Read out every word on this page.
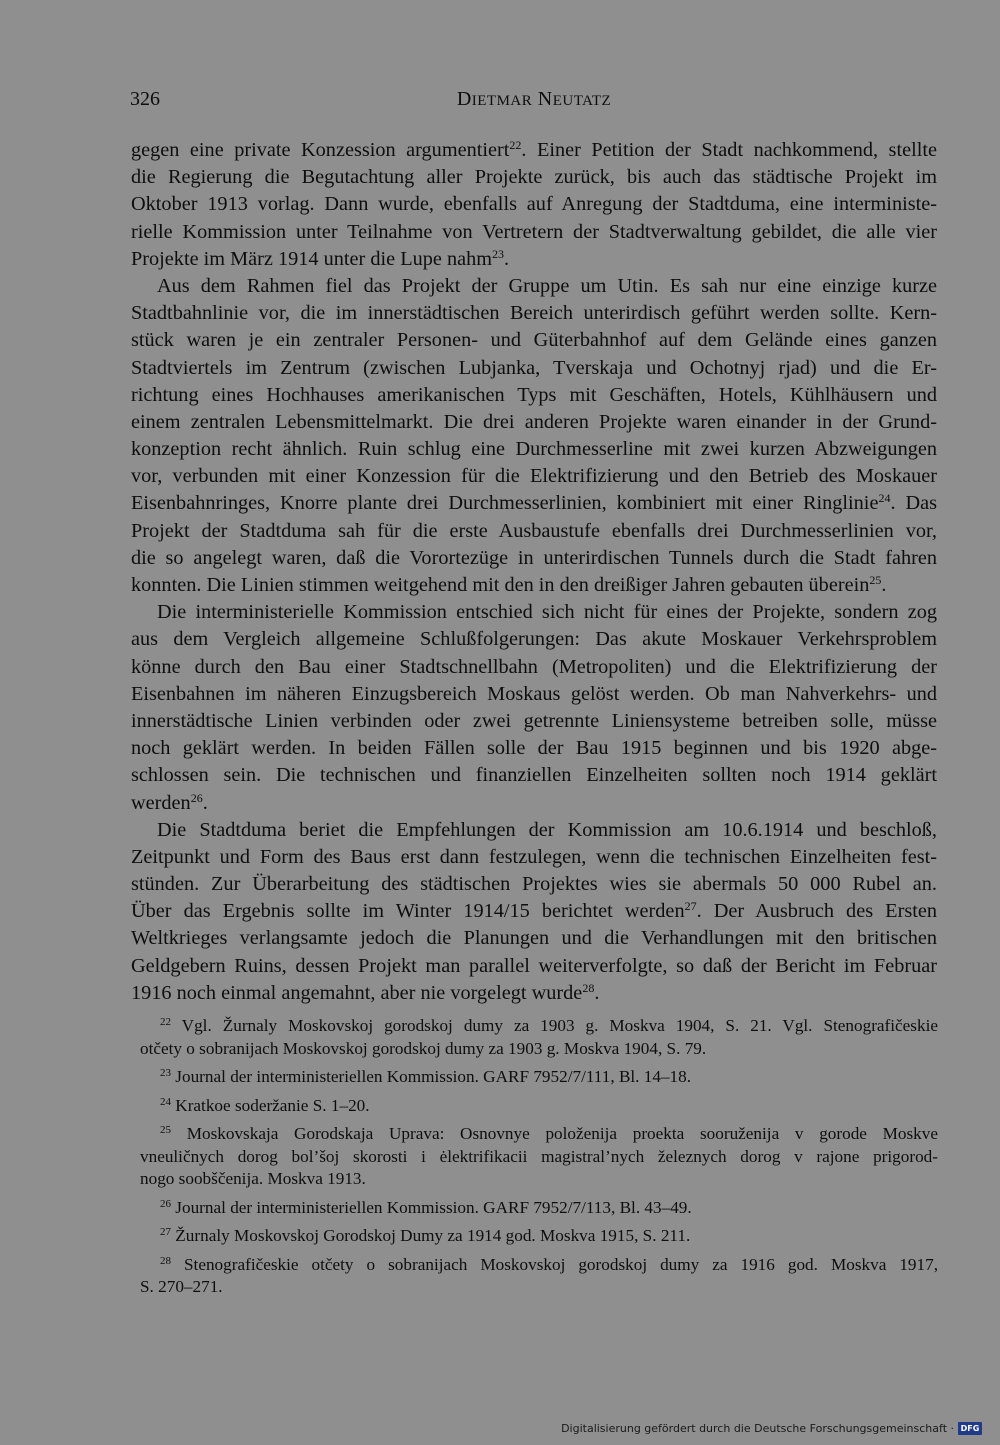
326	DIETMAR NEUTATZ
gegen eine private Konzession argumentiert$^{22}$. Einer Petition der Stadt nachkommend, stellte
die Regierung die Begutachtung aller Projekte zurück, bis auch das städtische Projekt im
Oktober 1913 vorlag. Dann wurde, ebenfalls auf Anregung der Stadtduma, eine interministe-
rielle Kommission unter Teilnahme von Vertretern der Stadtverwaltung gebildet, die alle vier
Projekte im März 1914 unter die Lupe nahm$^{23}$.
Aus dem Rahmen fiel das Projekt der Gruppe um Utin. Es sah nur eine einzige kurze
Stadtbahnlinie vor, die im innerstädtischen Bereich unterirdisch geführt werden sollte. Kern-
stück waren je ein zentraler Personen- und Güterbahnhof auf dem Gelände eines ganzen
Stadtviertels im Zentrum (zwischen Lubjanka, Tverskaja und Ochotnyj rjad) und die Er-
richtung eines Hochhauses amerikanischen Typs mit Geschäften, Hotels, Kühlhäusern und
einem zentralen Lebensmittelmarkt. Die drei anderen Projekte waren einander in der Grund-
konzeption recht ähnlich. Ruin schlug eine Durchmesserline mit zwei kurzen Abzweigungen
vor, verbunden mit einer Konzession für die Elektrifizierung und den Betrieb des Moskauer
Eisenbahnringes, Knorre plante drei Durchmesserlinien, kombiniert mit einer Ringlinie$^{24}$. Das
Projekt der Stadtduma sah für die erste Ausbaustufe ebenfalls drei Durchmesserlinien vor,
die so angelegt waren, daß die Vorortezüge in unterirdischen Tunnels durch die Stadt fahren
konnten. Die Linien stimmen weitgehend mit den in den dreißiger Jahren gebauten überein$^{25}$.
Die interministerielle Kommission entschied sich nicht für eines der Projekte, sondern zog
aus dem Vergleich allgemeine Schlußfolgerungen: Das akute Moskauer Verkehrsproblem
könne durch den Bau einer Stadtschnellbahn (Metropoliten) und die Elektrifizierung der
Eisenbahnen im näheren Einzugsbereich Moskaus gelöst werden. Ob man Nahverkehrs- und
innerstädtische Linien verbinden oder zwei getrennte Liniensysteme betreiben solle, müsse
noch geklärt werden. In beiden Fällen solle der Bau 1915 beginnen und bis 1920 abge-
schlossen sein. Die technischen und finanziellen Einzelheiten sollten noch 1914 geklärt
werden$^{26}$.
Die Stadtduma beriet die Empfehlungen der Kommission am 10.6.1914 und beschloß,
Zeitpunkt und Form des Baus erst dann festzulegen, wenn die technischen Einzelheiten fest-
stünden. Zur Überarbeitung des städtischen Projektes wies sie abermals 50 000 Rubel an.
Über das Ergebnis sollte im Winter 1914/15 berichtet werden$^{27}$. Der Ausbruch des Ersten
Weltkrieges verlangsamte jedoch die Planungen und die Verhandlungen mit den britischen
Geldgebern Ruins, dessen Projekt man parallel weiterverfolgte, so daß der Bericht im Februar
1916 noch einmal angemahnt, aber nie vorgelegt wurde$^{28}$.
$^{22}$ Vgl. Žurnaly Moskovskoj gorodskoj dumy za 1903 g. Moskva 1904, S. 21. Vgl. Stenografičeskie
otčety o sobranijach Moskovskoj gorodskoj dumy za 1903 g. Moskva 1904, S. 79.
$^{23}$ Journal der interministeriellen Kommission. GARF 7952/7/111, Bl. 14–18.
$^{24}$ Kratkoe soderžanie S. 1–20.
$^{25}$ Moskovskaja Gorodskaja Uprava: Osnovnye položenija proekta sooruženija v gorode Moskve
vneuličnych dorog bol’šoj skorosti i ėlektrifikacii magistral’nych železnych dorog v rajone prigorod-
nogo soobščenija. Moskva 1913.
$^{26}$ Journal der interministeriellen Kommission. GARF 7952/7/113, Bl. 43–49.
$^{27}$ Žurnaly Moskovskoj Gorodskoj Dumy za 1914 god. Moskva 1915, S. 211.
$^{28}$ Stenografičeskie otčety o sobranijach Moskovskoj gorodskoj dumy za 1916 god. Moskva 1917,
S. 270–271.
Digitalisierung gefördert durch die Deutsche Forschungsgemeinschaft · DFG
